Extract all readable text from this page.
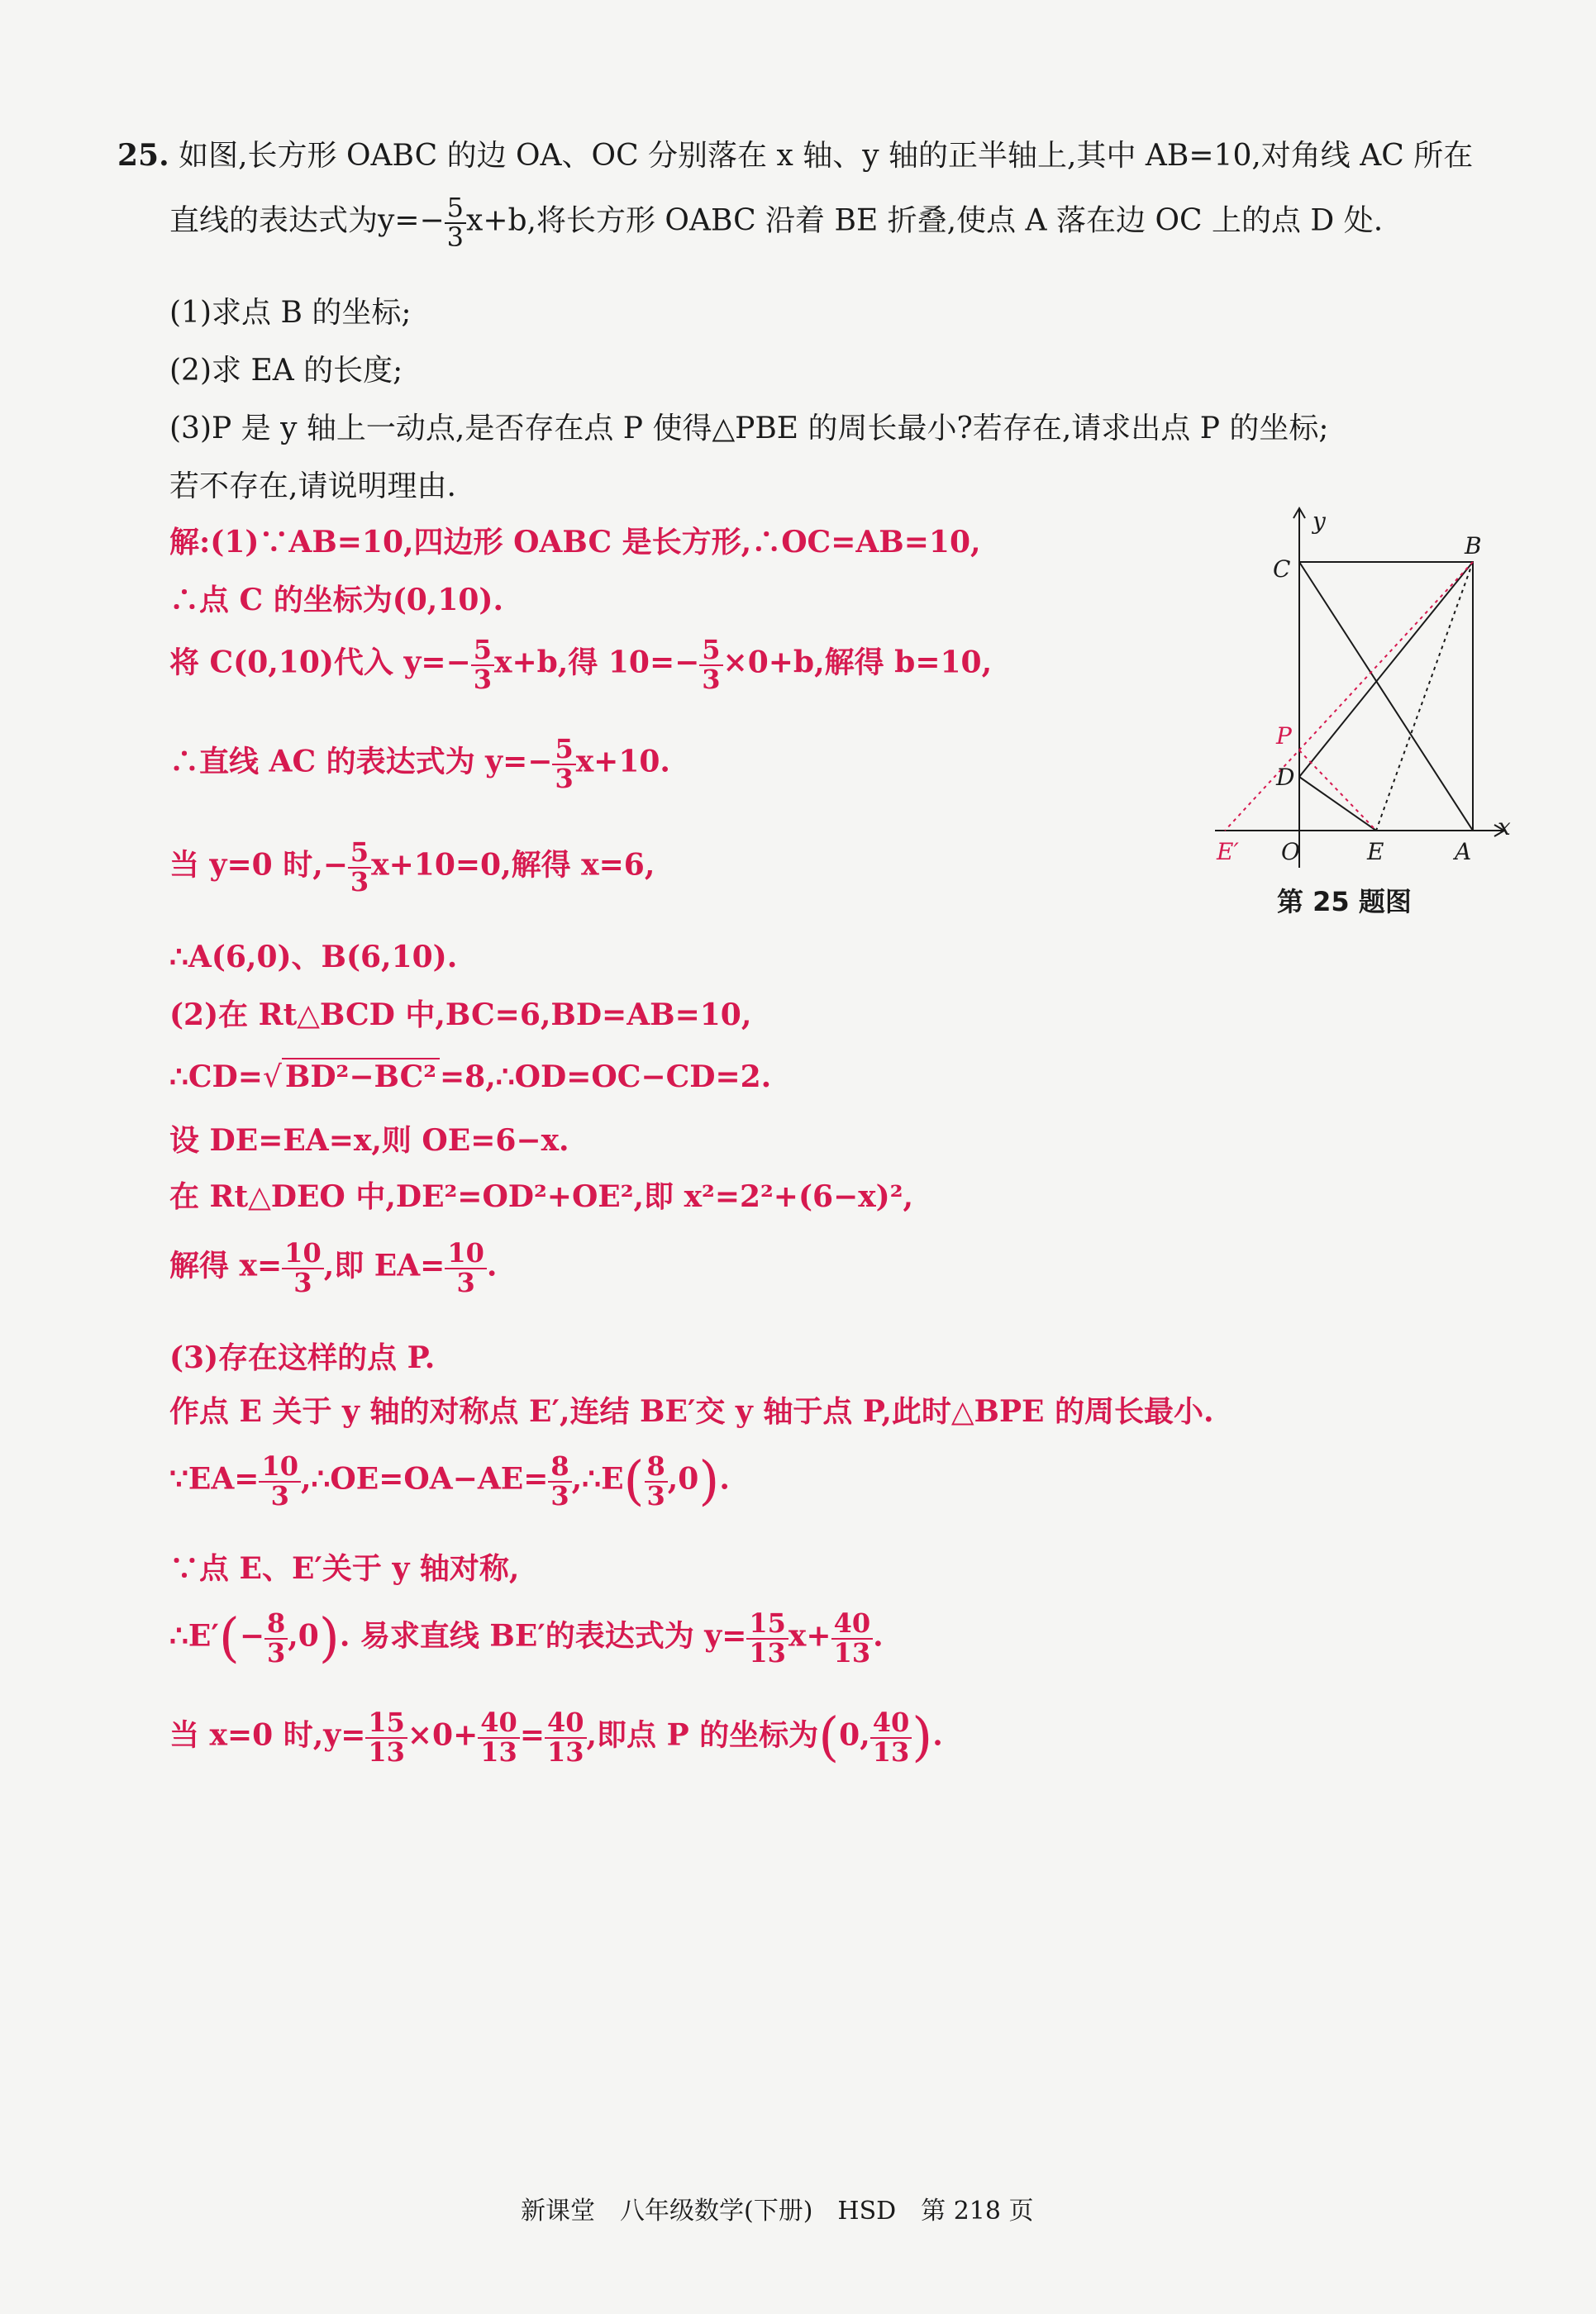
25. 如图,长方形 OABC 的边 OA、OC 分别落在 x 轴、y 轴的正半轴上,其中 AB=10,对角线 AC 所在
直线的表达式为$y=- \frac{5}{3} x+b$,将长方形 OABC 沿着 BE 折叠,使点 A 落在边 OC 上的点 D 处.
(1)求点 B 的坐标;
(2)求 EA 的长度;
(3)P 是 y 轴上一动点,是否存在点 P 使得△PBE 的周长最小?若存在,请求出点 P 的坐标;
若不存在,请说明理由.
解:(1)∵AB=10,四边形 OABC 是长方形,∴OC=AB=10,
∴点 C 的坐标为(0,10).
将 C(0,10)代入 $y=- \frac{5}{3} x+b$,得 $10=- \frac{5}{3} \times 0+b$,解得 b=10,
∴直线 AC 的表达式为 $y=- \frac{5}{3} x+10$.
当 y=0 时,− $\frac{5}{3} x+10=0$,解得 x=6,
∴A(6,0)、B(6,10).
(2)在 Rt△BCD 中,BC=6,BD=AB=10,
∴CD=√ BD²−BC² =8,∴OD=OC−CD=2.
设 DE=EA=x,则 OE=6−x.
在 Rt△DEO 中,DE²=OD²+OE²,即 x²=2²+(6−x)²,
解得 $x= \frac{10}{3}$ ,即 $EA= \frac{10}{3}$ .
(3)存在这样的点 P.
作点 E 关于 y 轴的对称点 E′,连结 BE′交 y 轴于点 P,此时△BPE 的周长最小.
∵EA= $\frac{10}{3}$ ,∴OE=OA−AE= $\frac{8}{3}$ ,∴E( $\frac{8}{3} ,0$).
∵点 E、E′关于 y 轴对称,
∴E′(− $\frac{8}{3} ,0$). 易求直线 BE′的表达式为 $y= \frac{15}{13} x+ \frac{40}{13}$ .
当 x=0 时$,y= \frac{15}{13} \times 0+ \frac{40}{13} = \frac{40}{13}$ ,即点 P 的坐标为(0, $\frac{40}{13}$ ).
y
x
B
C
P
D
E′ O	E	A
第 25 题图
新课堂　八年级数学(下册)　HSD　第 218 页
